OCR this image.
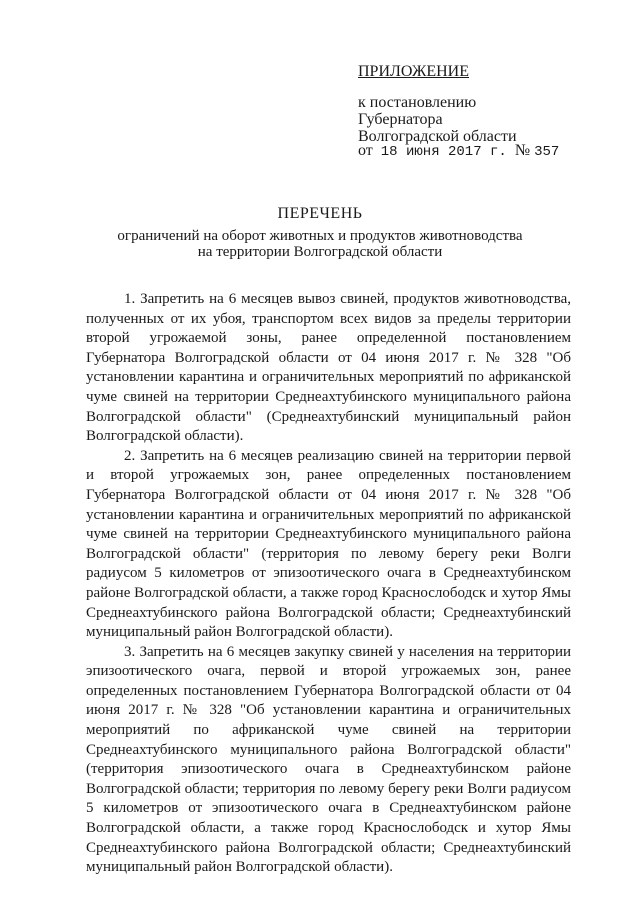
ПРИЛОЖЕНИЕ
к постановлению
Губернатора
Волгоградской области
от 18 июня 2017 г. № 357
ПЕРЕЧЕНЬ
ограничений на оборот животных и продуктов животноводства
на территории Волгоградской области

1. Запретить на 6 месяцев вывоз свиней, продуктов животноводства, полученных от их убоя, транспортом всех видов за пределы территории второй угрожаемой зоны, ранее определенной постановлением Губернатора Волгоградской области от 04 июня 2017 г. № 328 "Об установлении карантина и ограничительных мероприятий по африканской чуме свиней на территории Среднеахтубинского муниципального района Волгоградской области" (Среднеахтубинский муниципальный район Волгоградской области).

2. Запретить на 6 месяцев реализацию свиней на территории первой и второй угрожаемых зон, ранее определенных постановлением Губернатора Волгоградской области от 04 июня 2017 г. № 328 "Об установлении карантина и ограничительных мероприятий по африканской чуме свиней на территории Среднеахтубинского муниципального района Волгоградской области" (территория по левому берегу реки Волги радиусом 5 километров от эпизоотического очага в Среднеахтубинском районе Волгоградской области, а также город Краснослободск и хутор Ямы Среднеахтубинского района Волгоградской области; Среднеахтубинский муниципальный район Волгоградской области).

3. Запретить на 6 месяцев закупку свиней у населения на территории эпизоотического очага, первой и второй угрожаемых зон, ранее определенных постановлением Губернатора Волгоградской области от 04 июня 2017 г. № 328 "Об установлении карантина и ограничительных мероприятий по африканской чуме свиней на территории Среднеахтубинского муниципального района Волгоградской области" (территория эпизоотического очага в Среднеахтубинском районе Волгоградской области; территория по левому берегу реки Волги радиусом 5 километров от эпизоотического очага в Среднеахтубинском районе Волгоградской области, а также город Краснослободск и хутор Ямы Среднеахтубинского района Волгоградской области; Среднеахтубинский муниципальный район Волгоградской области).
